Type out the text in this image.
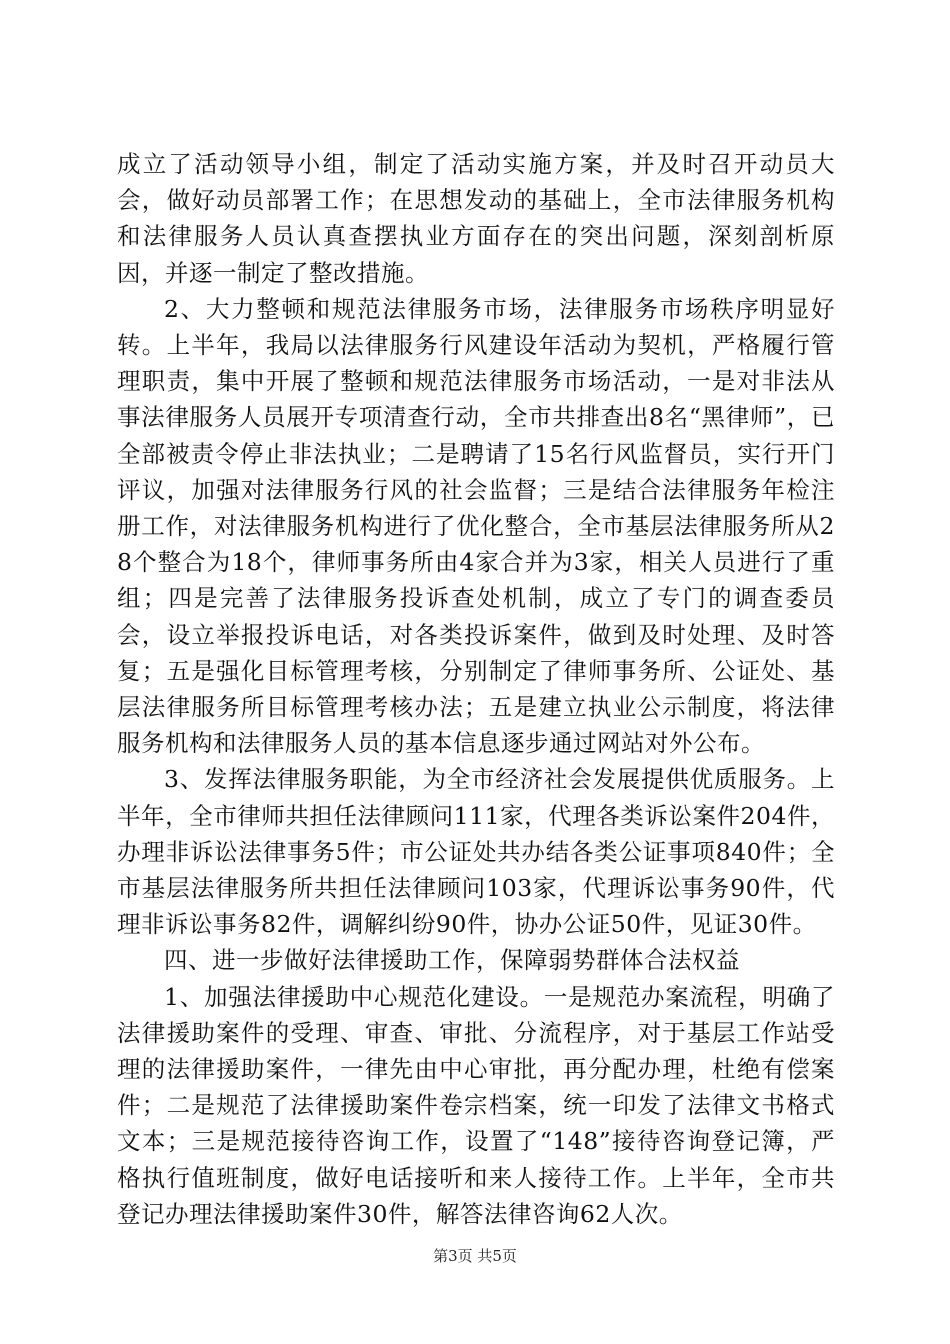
成立了活动领导小组，制定了活动实施方案，并及时召开动员大会，做好动员部署工作；在思想发动的基础上，全市法律服务机构和法律服务人员认真查摆执业方面存在的突出问题，深刻剖析原因，并逐一制定了整改措施。

2、大力整顿和规范法律服务市场，法律服务市场秩序明显好转。上半年，我局以法律服务行风建设年活动为契机，严格履行管理职责，集中开展了整顿和规范法律服务市场活动，一是对非法从事法律服务人员展开专项清查行动，全市共排查出8名“黑律师”，已全部被责令停止非法执业；二是聘请了15名行风监督员，实行开门评议，加强对法律服务行风的社会监督；三是结合法律服务年检注册工作，对法律服务机构进行了优化整合，全市基层法律服务所从28个整合为18个，律师事务所由4家合并为3家，相关人员进行了重组；四是完善了法律服务投诉查处机制，成立了专门的调查委员会，设立举报投诉电话，对各类投诉案件，做到及时处理、及时答复；五是强化目标管理考核，分别制定了律师事务所、公证处、基层法律服务所目标管理考核办法；五是建立执业公示制度，将法律服务机构和法律服务人员的基本信息逐步通过网站对外公布。

3、发挥法律服务职能，为全市经济社会发展提供优质服务。上半年，全市律师共担任法律顾问111家，代理各类诉讼案件204件，办理非诉讼法律事务5件；市公证处共办结各类公证事项840件；全市基层法律服务所共担任法律顾问103家，代理诉讼事务90件，代理非诉讼事务82件，调解纠纷90件，协办公证50件，见证30件。

四、进一步做好法律援助工作，保障弱势群体合法权益

1、加强法律援助中心规范化建设。一是规范办案流程，明确了法律援助案件的受理、审查、审批、分流程序，对于基层工作站受理的法律援助案件，一律先由中心审批，再分配办理，杜绝有偿案件；二是规范了法律援助案件卷宗档案，统一印发了法律文书格式文本；三是规范接待咨询工作，设置了“148”接待咨询登记簿，严格执行值班制度，做好电话接听和来人接待工作。上半年，全市共登记办理法律援助案件30件，解答法律咨询62人次。

第3页 共5页
